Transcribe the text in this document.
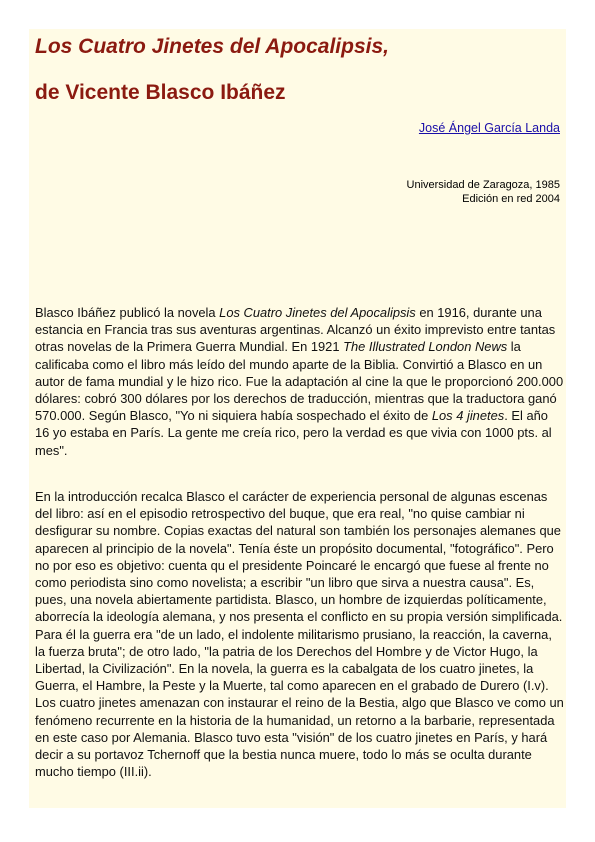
Los Cuatro Jinetes del Apocalipsis,
de Vicente Blasco Ibáñez
José Ángel García Landa
Universidad de Zaragoza, 1985
Edición en red 2004

Blasco Ibáñez publicó la novela Los Cuatro Jinetes del Apocalipsis en 1916, durante una estancia en Francia tras sus aventuras argentinas. Alcanzó un éxito imprevisto entre tantas otras novelas de la Primera Guerra Mundial. En 1921 The Illustrated London News la calificaba como el libro más leído del mundo aparte de la Biblia. Convirtió a Blasco en un autor de fama mundial y le hizo rico. Fue la adaptación al cine la que le proporcionó 200.000 dólares: cobró 300 dólares por los derechos de traducción, mientras que la traductora ganó 570.000. Según Blasco, "Yo ni siquiera había sospechado el éxito de Los 4 jinetes. El año 16 yo estaba en París. La gente me creía rico, pero la verdad es que vivia con 1000 pts. al mes".

En la introducción recalca Blasco el carácter de experiencia personal de algunas escenas del libro: así en el episodio retrospectivo del buque, que era real, "no quise cambiar ni desfigurar su nombre. Copias exactas del natural son también los personajes alemanes que aparecen al principio de la novela". Tenía éste un propósito documental, "fotográfico". Pero no por eso es objetivo: cuenta qu el presidente Poincaré le encargó que fuese al frente no como periodista sino como novelista; a escribir "un libro que sirva a nuestra causa". Es, pues, una novela abiertamente partidista. Blasco, un hombre de izquierdas políticamente, aborrecía la ideología alemana, y nos presenta el conflicto en su propia versión simplificada. Para él la guerra era "de un lado, el indolente militarismo prusiano, la reacción, la caverna, la fuerza bruta"; de otro lado, "la patria de los Derechos del Hombre y de Victor Hugo, la Libertad, la Civilización". En la novela, la guerra es la cabalgata de los cuatro jinetes, la Guerra, el Hambre, la Peste y la Muerte, tal como aparecen en el grabado de Durero (I.v). Los cuatro jinetes amenazan con instaurar el reino de la Bestia, algo que Blasco ve como un fenómeno recurrente en la historia de la humanidad, un retorno a la barbarie, representada en este caso por Alemania. Blasco tuvo esta "visión" de los cuatro jinetes en París, y hará decir a su portavoz Tchernoff que la bestia nunca muere, todo lo más se oculta durante mucho tiempo (III.ii).
